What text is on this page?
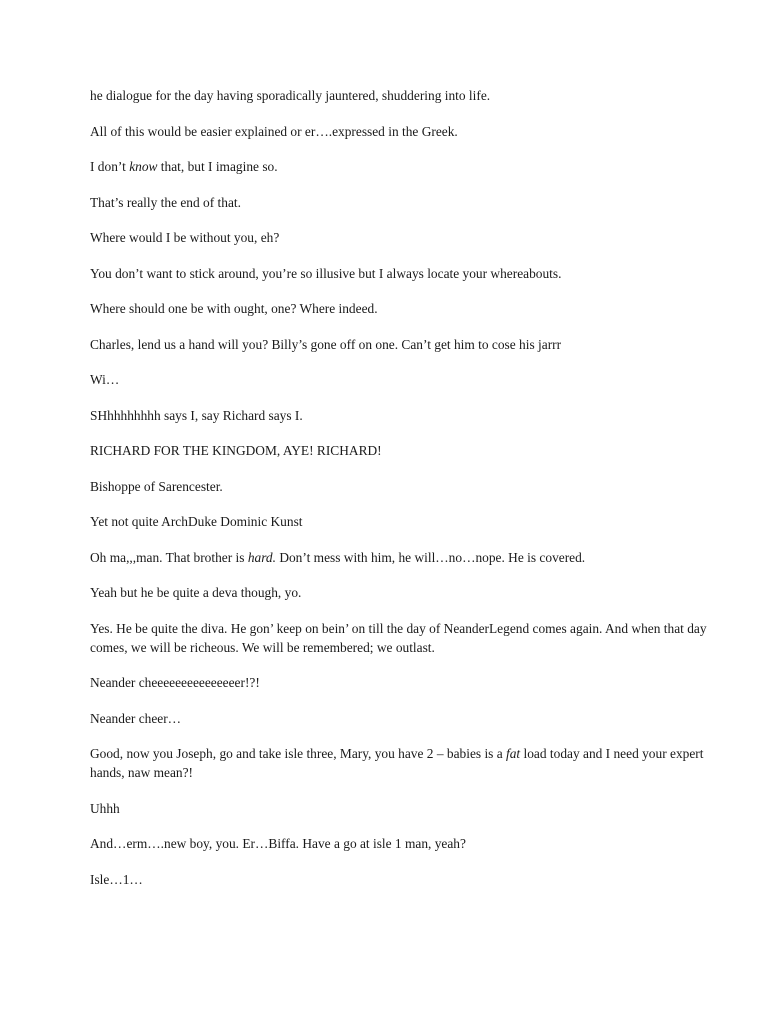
he dialogue for the day having sporadically jauntered, shuddering into life.

All of this would be easier explained or er….expressed in the Greek.

I don’t know that, but I imagine so.

That’s really the end of that.

Where would I be without you, eh?

You don’t want to stick around, you’re so illusive but I always locate your whereabouts.

Where should one be with ought, one? Where indeed.

Charles, lend us a hand will you? Billy’s gone off on one. Can’t get him to cose his jarrr

Wi…

SHhhhhhhhh says I, say Richard says I.

RICHARD FOR THE KINGDOM, AYE! RICHARD!

Bishoppe of Sarencester.

Yet not quite ArchDuke Dominic Kunst

Oh ma,,,man. That brother is hard. Don’t mess with him, he will…no…nope. He is covered.

Yeah but he be quite a deva though, yo.

Yes. He be quite the diva. He gon’ keep on bein’ on till the day of NeanderLegend comes again. And when that day comes, we will be richeous. We will be remembered; we outlast.

Neander cheeeeeeeeeeeeeeer!?!

Neander cheer…

Good, now you Joseph, go and take isle three, Mary, you have 2 – babies is a fat load today and I need your expert hands, naw mean?!

Uhhh

And…erm….new boy, you. Er…Biffa. Have a go at isle 1 man, yeah?

Isle…1…
